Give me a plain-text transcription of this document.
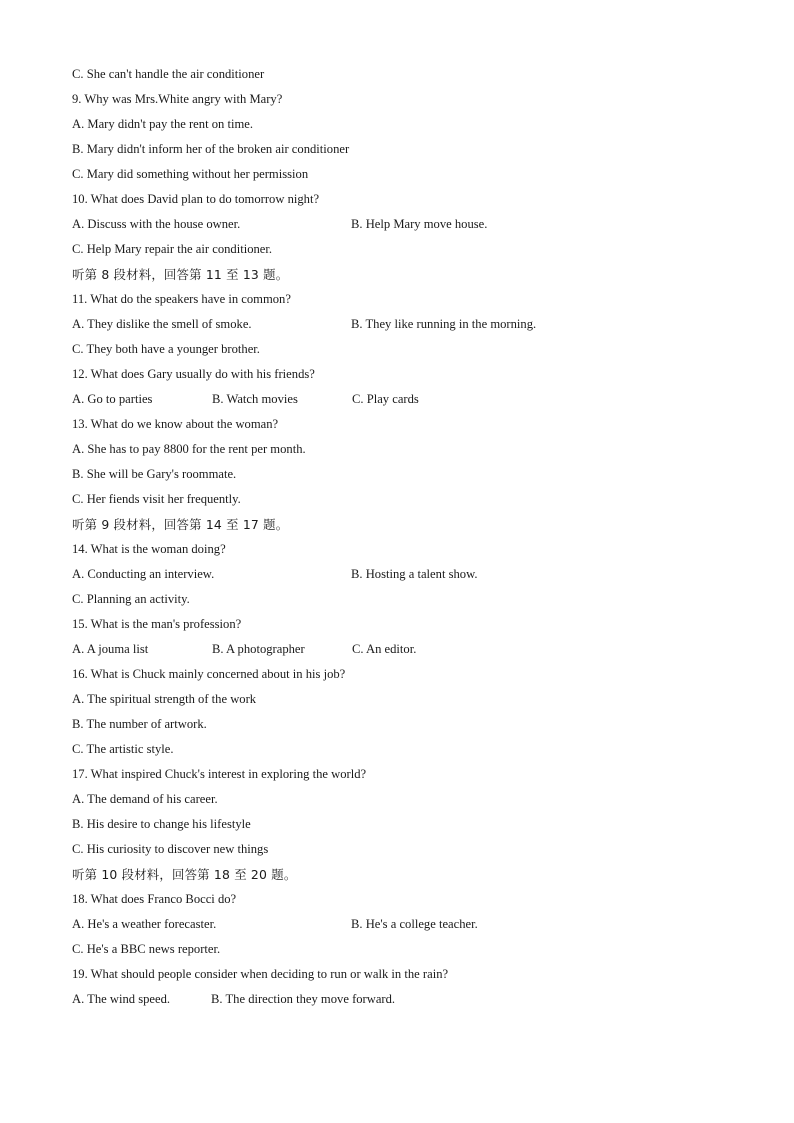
C. She can't handle the air conditioner
9. Why was Mrs.White angry with Mary?
A. Mary didn't pay the rent on time.
B. Mary didn't inform her of the broken air conditioner
C. Mary did something without her permission
10. What does David plan to do tomorrow night?
A. Discuss with the house owner.	B. Help Mary move house.
C. Help Mary repair the air conditioner.
听第 8 段材料，回答第 11 至 13 题。
11. What do the speakers have in common?
A. They dislike the smell of smoke.	B. They like running in the morning.
C. They both have a younger brother.
12. What does Gary usually do with his friends?
A. Go to parties	B. Watch movies	C. Play cards
13. What do we know about the woman?
A. She has to pay 8800 for the rent per month.
B. She will be Gary's roommate.
C. Her fiends visit her frequently.
听第 9 段材料，回答第 14 至 17 题。
14. What is the woman doing?
A. Conducting an interview.	B. Hosting a talent show.
C. Planning an activity.
15. What is the man's profession?
A. A jouma list	B. A photographer	C. An editor.
16. What is Chuck mainly concerned about in his job?
A. The spiritual strength of the work
B. The number of artwork.
C. The artistic style.
17. What inspired Chuck's interest in exploring the world?
A. The demand of his career.
B. His desire to change his lifestyle
C. His curiosity to discover new things
听第 10 段材料，回答第 18 至 20 题。
18. What does Franco Bocci do?
A. He's a weather forecaster.	B. He's a college teacher.
C. He's a BBC news reporter.
19. What should people consider when deciding to run or walk in the rain?
A. The wind speed.	B. The direction they move forward.
